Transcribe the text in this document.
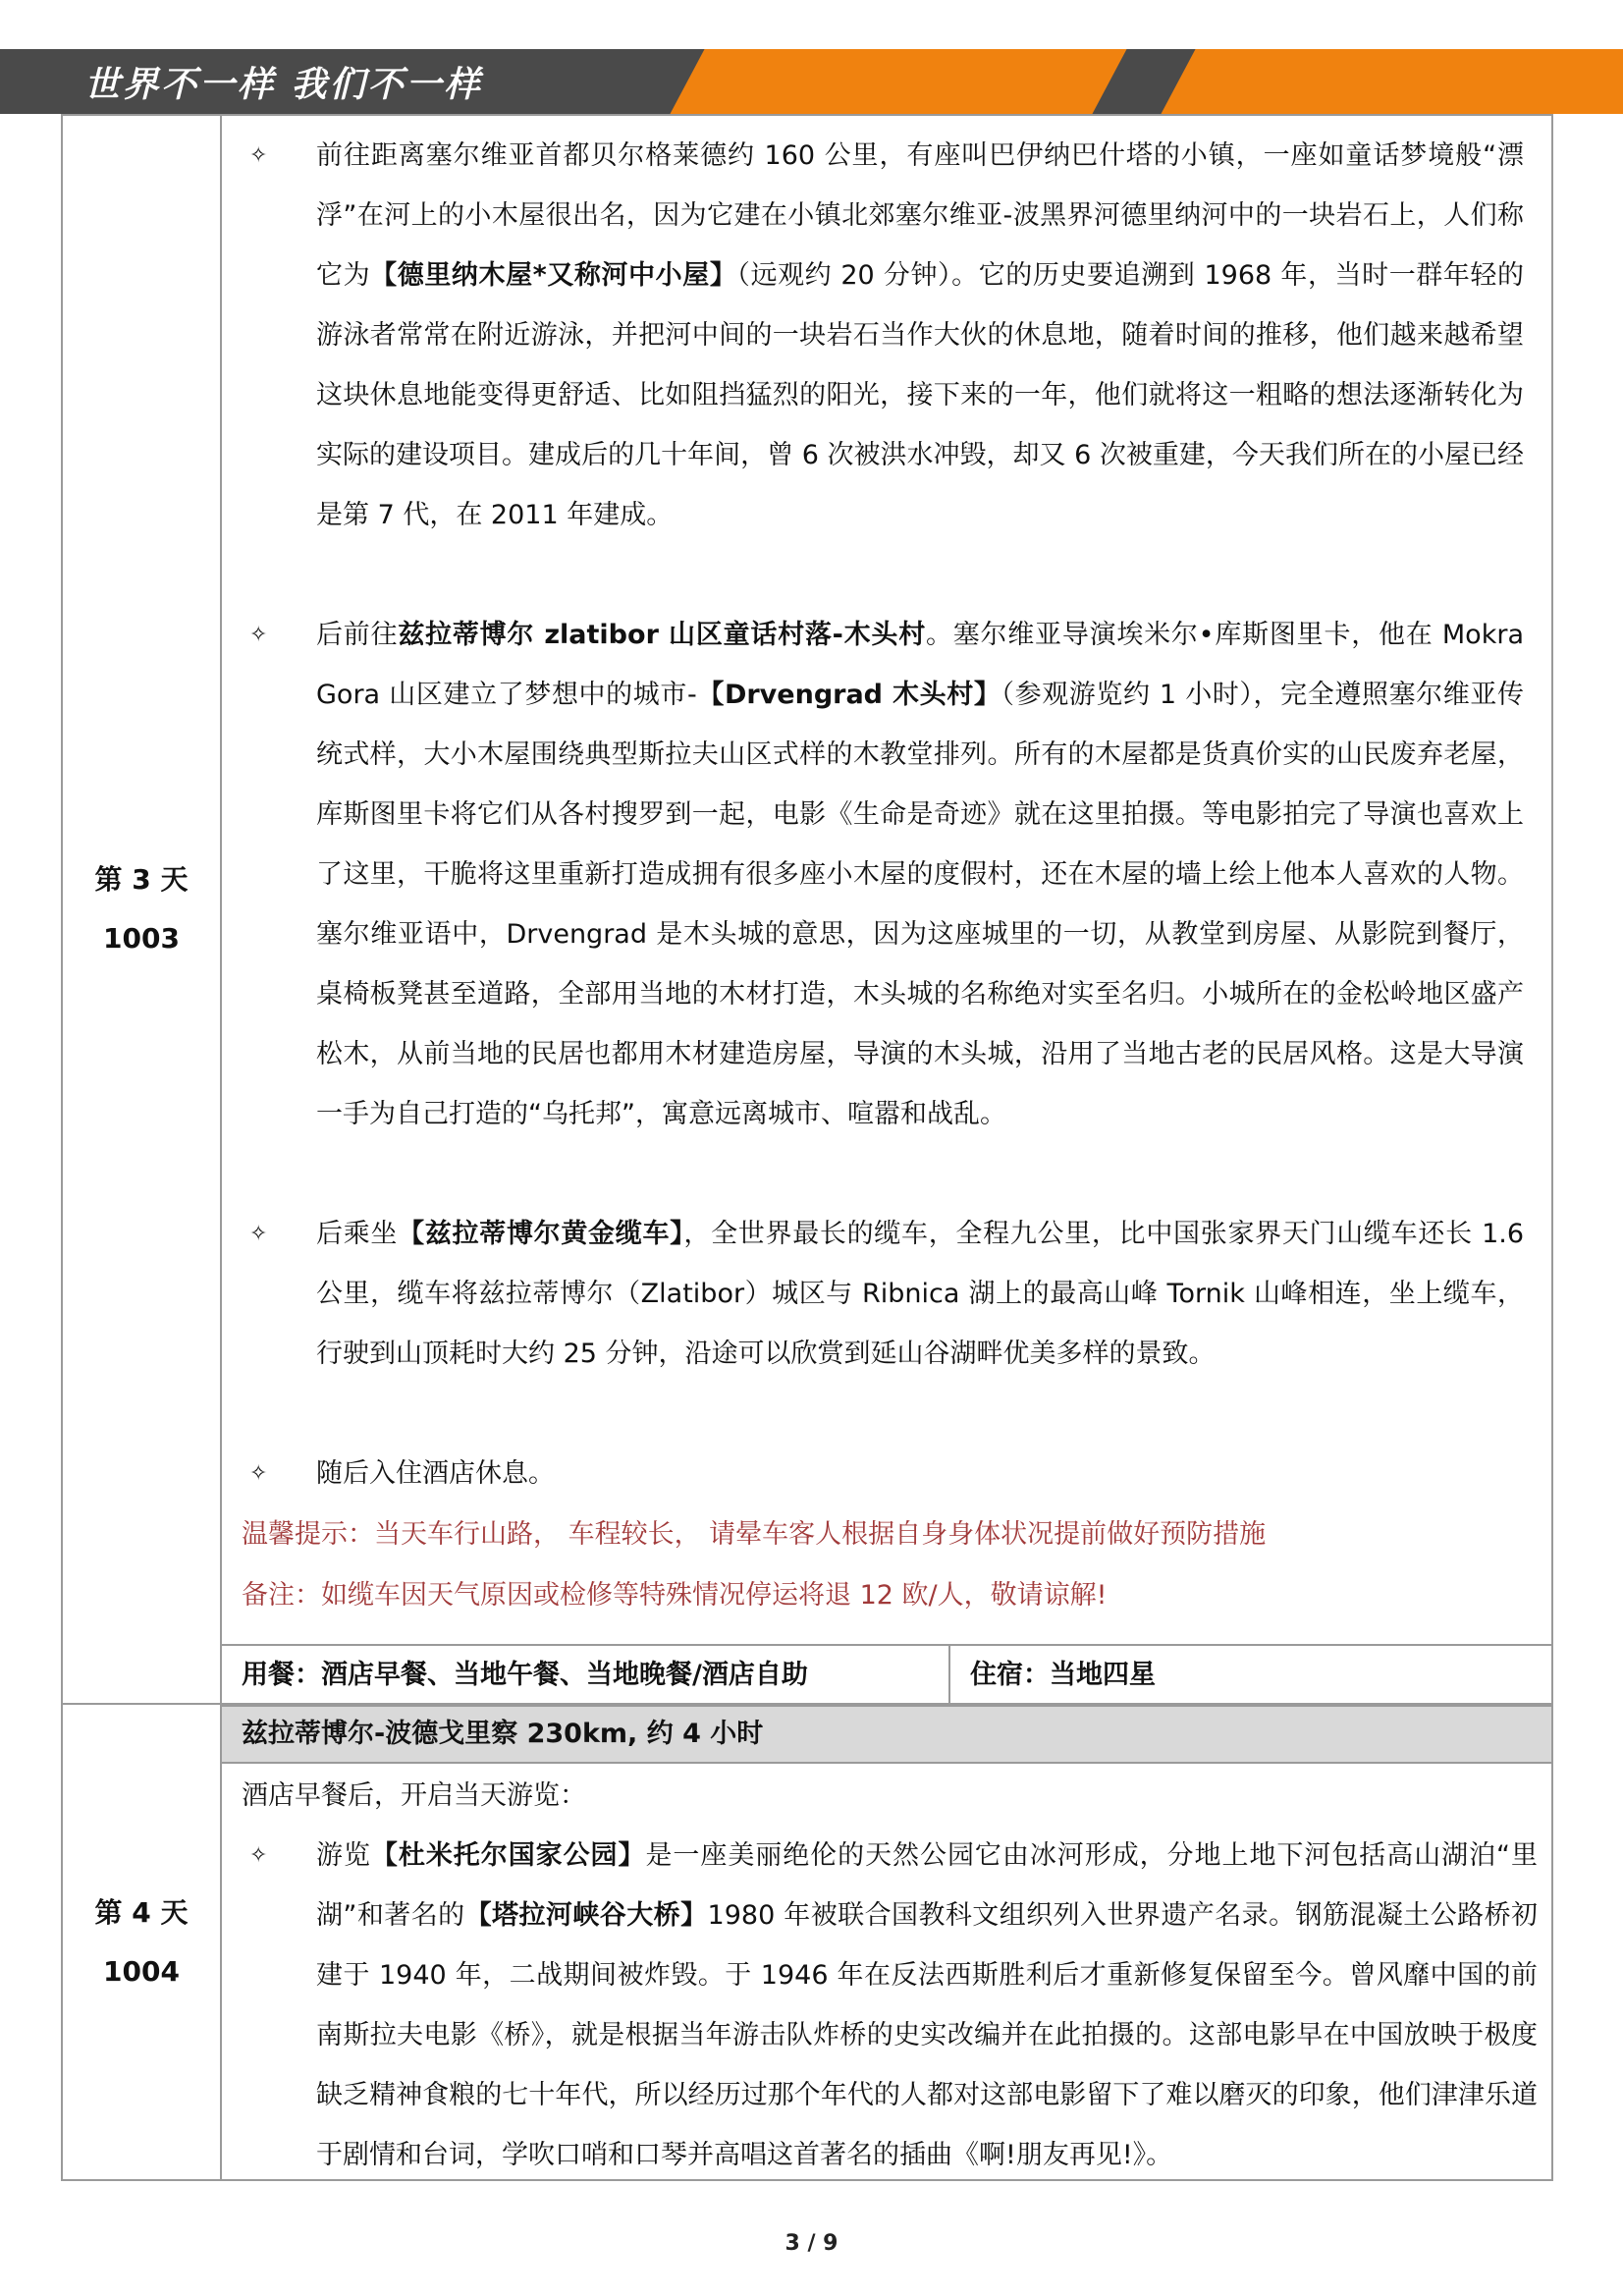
世界不一样 我们不一样
第 3 天
1003
✧ 前往距离塞尔维亚首都贝尔格莱德约 160 公里，有座叫巴伊纳巴什塔的小镇，一座如童话梦境般“漂浮”在河上的小木屋很出名，因为它建在小镇北郊塞尔维亚-波黑界河德里纳河中的一块岩石上，人们称它为【德里纳木屋*又称河中小屋】（远观约 20 分钟）。它的历史要追溯到 1968 年，当时一群年轻的游泳者常常在附近游泳，并把河中间的一块岩石当作大伙的休息地，随着时间的推移，他们越来越希望这块休息地能变得更舒适、比如阻挡猛烈的阳光，接下来的一年，他们就将这一粗略的想法逐渐转化为实际的建设项目。建成后的几十年间，曾 6 次被洪水冲毁，却又 6 次被重建，今天我们所在的小屋已经是第 7 代，在 2011 年建成。
✧ 后前往兹拉蒂博尔 zlatibor 山区童话村落-木头村。塞尔维亚导演埃米尔•库斯图里卡，他在 Mokra Gora 山区建立了梦想中的城市-【Drvengrad 木头村】（参观游览约 1 小时），完全遵照塞尔维亚传统式样，大小木屋围绕典型斯拉夫山区式样的木教堂排列。所有的木屋都是货真价实的山民废弃老屋，库斯图里卡将它们从各村搜罗到一起，电影《生命是奇迹》就在这里拍摄。等电影拍完了导演也喜欢上了这里，干脆将这里重新打造成拥有很多座小木屋的度假村，还在木屋的墙上绘上他本人喜欢的人物。塞尔维亚语中，Drvengrad 是木头城的意思，因为这座城里的一切，从教堂到房屋、从影院到餐厅，桌椅板凳甚至道路，全部用当地的木材打造，木头城的名称绝对实至名归。小城所在的金松岭地区盛产松木，从前当地的民居也都用木材建造房屋，导演的木头城，沿用了当地古老的民居风格。这是大导演一手为自己打造的“乌托邦”，寓意远离城市、喧嚣和战乱。
✧ 后乘坐【兹拉蒂博尔黄金缆车】，全世界最长的缆车，全程九公里，比中国张家界天门山缆车还长 1.6 公里，缆车将兹拉蒂博尔（Zlatibor）城区与 Ribnica 湖上的最高山峰 Tornik 山峰相连，坐上缆车，行驶到山顶耗时大约 25 分钟，沿途可以欣赏到延山谷湖畔优美多样的景致。
✧ 随后入住酒店休息。
温馨提示：当天车行山路， 车程较长， 请晕车客人根据自身身体状况提前做好预防措施
备注：如缆车因天气原因或检修等特殊情况停运将退 12 欧/人，敬请谅解!
用餐：酒店早餐、当地午餐、当地晚餐/酒店自助	住宿：当地四星
第 4 天
1004
兹拉蒂博尔-波德戈里察 230km, 约 4 小时
酒店早餐后，开启当天游览：
✧ 游览【杜米托尔国家公园】是一座美丽绝伦的天然公园它由冰河形成，分地上地下河包括高山湖泊“里湖”和著名的【塔拉河峡谷大桥】1980 年被联合国教科文组织列入世界遗产名录。钢筋混凝土公路桥初建于 1940 年，二战期间被炸毁。于 1946 年在反法西斯胜利后才重新修复保留至今。曾风靡中国的前南斯拉夫电影《桥》，就是根据当年游击队炸桥的史实改编并在此拍摄的。这部电影早在中国放映于极度缺乏精神食粮的七十年代，所以经历过那个年代的人都对这部电影留下了难以磨灭的印象，他们津津乐道于剧情和台词，学吹口哨和口琴并高唱这首著名的插曲《啊!朋友再见!》。
3 / 9
